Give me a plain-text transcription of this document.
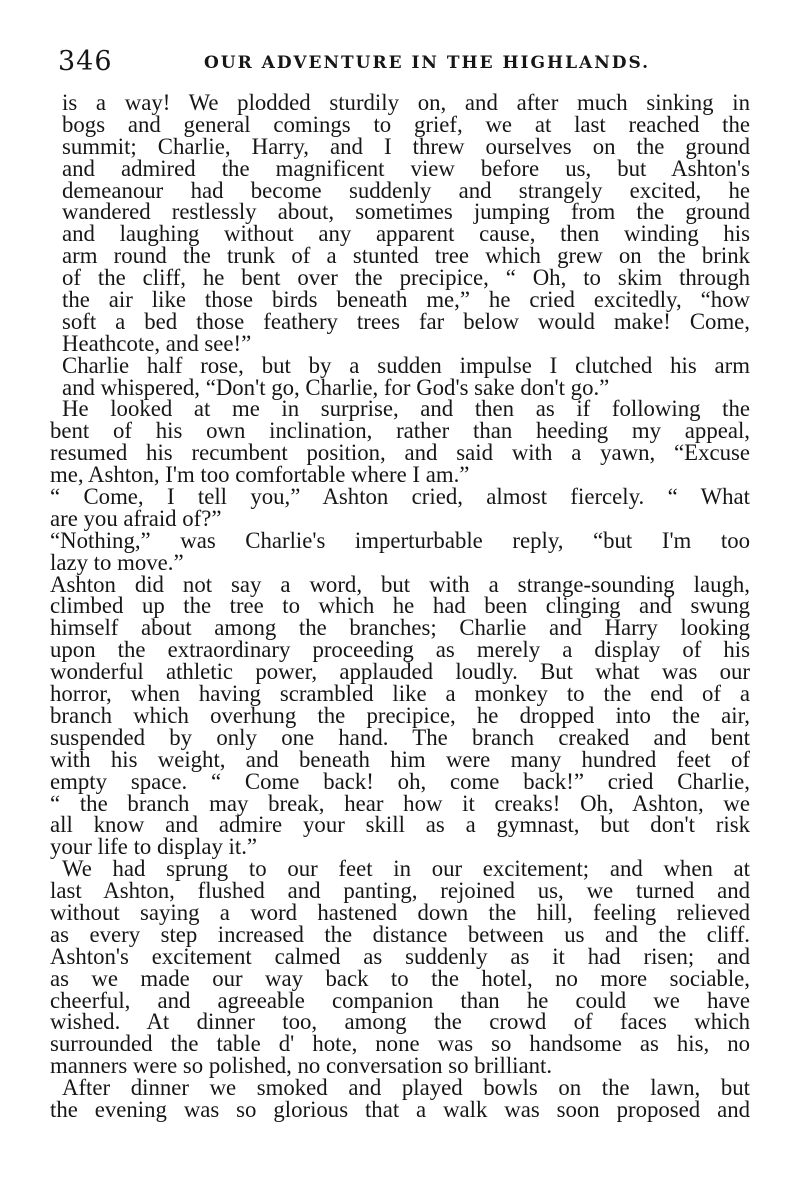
346	OUR ADVENTURE IN THE HIGHLANDS.
is a way! We plodded sturdily on, and after much sinking in
bogs and general comings to grief, we at last reached the
summit; Charlie, Harry, and I threw ourselves on the ground
and admired the magnificent view before us, but Ashton's
demeanour had become suddenly and strangely excited, he
wandered restlessly about, sometimes jumping from the ground
and laughing without any apparent cause, then winding his
arm round the trunk of a stunted tree which grew on the brink
of the cliff, he bent over the precipice, “ Oh, to skim through
the air like those birds beneath me,” he cried excitedly, “how
soft a bed those feathery trees far below would make! Come,
Heathcote, and see!”
Charlie half rose, but by a sudden impulse I clutched his arm
and whispered, “Don't go, Charlie, for God's sake don't go.”
He looked at me in surprise, and then as if following the
bent of his own inclination, rather than heeding my appeal,
resumed his recumbent position, and said with a yawn, “Excuse
me, Ashton, I'm too comfortable where I am.”
“ Come, I tell you,” Ashton cried, almost fiercely. “ What
are you afraid of?”
“Nothing,” was Charlie's imperturbable reply, “but I'm too
lazy to move.”
Ashton did not say a word, but with a strange-sounding laugh,
climbed up the tree to which he had been clinging and swung
himself about among the branches; Charlie and Harry looking
upon the extraordinary proceeding as merely a display of his
wonderful athletic power, applauded loudly. But what was our
horror, when having scrambled like a monkey to the end of a
branch which overhung the precipice, he dropped into the air,
suspended by only one hand. The branch creaked and bent
with his weight, and beneath him were many hundred feet of
empty space. “ Come back! oh, come back!” cried Charlie,
“ the branch may break, hear how it creaks! Oh, Ashton, we
all know and admire your skill as a gymnast, but don't risk
your life to display it.”
We had sprung to our feet in our excitement; and when at
last Ashton, flushed and panting, rejoined us, we turned and
without saying a word hastened down the hill, feeling relieved
as every step increased the distance between us and the cliff.
Ashton's excitement calmed as suddenly as it had risen; and
as we made our way back to the hotel, no more sociable,
cheerful, and agreeable companion than he could we have
wished. At dinner too, among the crowd of faces which
surrounded the table d' hote, none was so handsome as his, no
manners were so polished, no conversation so brilliant.
After dinner we smoked and played bowls on the lawn, but
the evening was so glorious that a walk was soon proposed and
